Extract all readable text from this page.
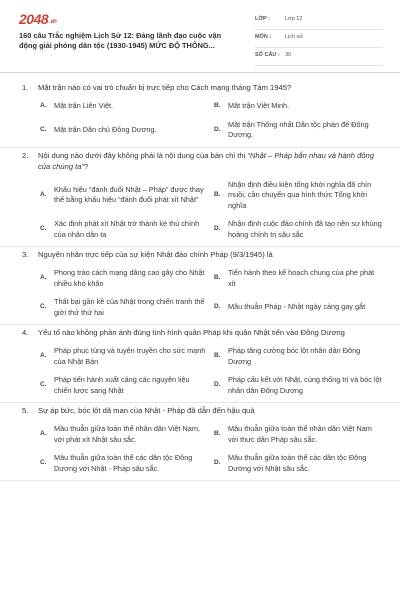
2048.vn
160 câu Trắc nghiệm Lịch Sử 12: Đảng lãnh đạo cuộc vận động giải phóng dân tộc (1930-1945) MỨC ĐỘ THÔNG...
LỚP :	Lớp 12
MÔN :	Lịch sử
SỐ CÂU : 30
1. Mặt trận nào có vai trò chuẩn bị trực tiếp cho Cách mạng tháng Tám 1945?
A.	Mặt trận Liên Việt.	B.	Mặt trận Việt Minh.
C.	Mặt trận Dân chủ Đông Dương.	D.
Mặt trận Thống nhất Dân tộc phản đế Đông Dương.
2. Nội dung nào dưới đây không phải là nội dung của bản chỉ thị “Nhật – Pháp bắn nhau và hành động của chúng ta”?
A.
Khẩu hiệu “đánh đuổi Nhật – Pháp” được thay thế bằng khẩu hiệu “đánh đuổi phát xít Nhật”
B.
Nhận định điều kiện tổng khởi nghĩa đã chín muồi, cần chuyển qua hình thức Tổng khởi nghĩa
C.
Xác định phát xít Nhật trở thành kẻ thù chính của nhân dân ta
D.
Nhận định cuộc đảo chính đã tạo nên sự khủng hoảng chính trị sâu sắc
3. Nguyên nhân trực tiếp của sự kiện Nhật đảo chính Pháp (9/3/1945) là
A.
Phong trào cách mạng dâng cao gây cho Nhật nhiều khó khăn
B.
Tiến hành theo kế hoạch chung của phe phát xít
C.
Thất bại gần kề của Nhật trong chiến tranh thế giới thứ thứ hai
D.	Mâu thuẫn Pháp - Nhật ngày càng gay gắt
4. Yếu tố nào không phản ánh đúng tình hình quân Pháp khi quân Nhật tiến vào Đông Dương
A.
Pháp phục tùng và tuyên truyền cho sức mạnh của Nhật Bản
B.
Pháp tăng cường bóc lột nhân dân Đông Dương
C.
Pháp tiến hành xuất cảng các nguyên liệu chiến lược sang Nhật
D.
Pháp cấu kết với Nhật, cùng thống trị và bóc lột nhân dân Đông Dương
5. Sự áp bức, bóc lột dã man của Nhật - Pháp đã dẫn đến hậu quả
A.
Mâu thuẫn giữa toàn thể nhân dân Việt Nam, với phát xít Nhật sâu sắc.
B.
Mâu thuẫn giữa toàn thể nhân dân Việt Nam với thực dân Pháp sâu sắc.
C.
Mâu thuẫn giữa toàn thể các dân tộc Đông Dương với Nhật - Pháp sâu sắc.
D.
Mâu thuẫn giữa toàn thể các dân tộc Đông Dương với Nhật sâu sắc.
